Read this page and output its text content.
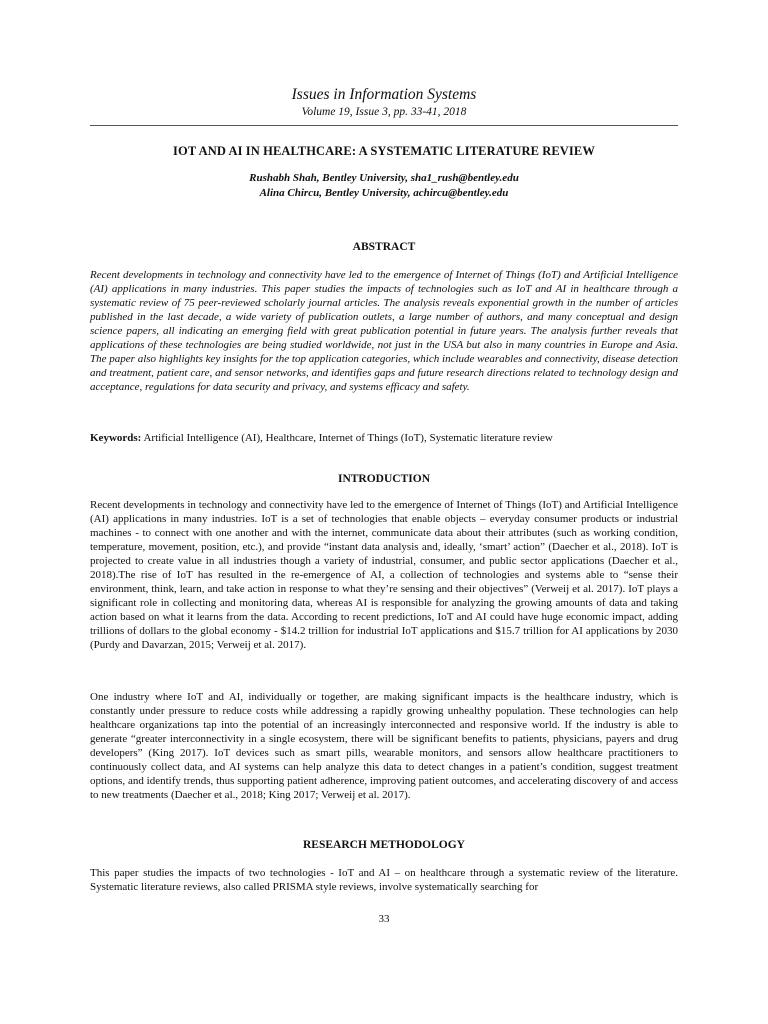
Issues in Information Systems
Volume 19, Issue 3, pp. 33-41, 2018
IOT AND AI IN HEALTHCARE: A SYSTEMATIC LITERATURE REVIEW
Rushabh Shah, Bentley University, sha1_rush@bentley.edu
Alina Chircu, Bentley University, achircu@bentley.edu
ABSTRACT
Recent developments in technology and connectivity have led to the emergence of Internet of Things (IoT) and Artificial Intelligence (AI) applications in many industries. This paper studies the impacts of technologies such as IoT and AI in healthcare through a systematic review of 75 peer-reviewed scholarly journal articles. The analysis reveals exponential growth in the number of articles published in the last decade, a wide variety of publication outlets, a large number of authors, and many conceptual and design science papers, all indicating an emerging field with great publication potential in future years. The analysis further reveals that applications of these technologies are being studied worldwide, not just in the USA but also in many countries in Europe and Asia. The paper also highlights key insights for the top application categories, which include wearables and connectivity, disease detection and treatment, patient care, and sensor networks, and identifies gaps and future research directions related to technology design and acceptance, regulations for data security and privacy, and systems efficacy and safety.
Keywords: Artificial Intelligence (AI), Healthcare, Internet of Things (IoT), Systematic literature review
INTRODUCTION
Recent developments in technology and connectivity have led to the emergence of Internet of Things (IoT) and Artificial Intelligence (AI) applications in many industries. IoT is a set of technologies that enable objects – everyday consumer products or industrial machines - to connect with one another and with the internet, communicate data about their attributes (such as working condition, temperature, movement, position, etc.), and provide “instant data analysis and, ideally, ‘smart’ action” (Daecher et al., 2018). IoT is projected to create value in all industries though a variety of industrial, consumer, and public sector applications (Daecher et al., 2018).The rise of IoT has resulted in the re-emergence of AI, a collection of technologies and systems able to “sense their environment, think, learn, and take action in response to what they’re sensing and their objectives” (Verweij et al. 2017). IoT plays a significant role in collecting and monitoring data, whereas AI is responsible for analyzing the growing amounts of data and taking action based on what it learns from the data. According to recent predictions, IoT and AI could have huge economic impact, adding trillions of dollars to the global economy - $14.2 trillion for industrial IoT applications and $15.7 trillion for AI applications by 2030 (Purdy and Davarzan, 2015; Verweij et al. 2017).
One industry where IoT and AI, individually or together, are making significant impacts is the healthcare industry, which is constantly under pressure to reduce costs while addressing a rapidly growing unhealthy population. These technologies can help healthcare organizations tap into the potential of an increasingly interconnected and responsive world. If the industry is able to generate “greater interconnectivity in a single ecosystem, there will be significant benefits to patients, physicians, payers and drug developers” (King 2017). IoT devices such as smart pills, wearable monitors, and sensors allow healthcare practitioners to continuously collect data, and AI systems can help analyze this data to detect changes in a patient’s condition, suggest treatment options, and identify trends, thus supporting patient adherence, improving patient outcomes, and accelerating discovery of and access to new treatments (Daecher et al., 2018; King 2017; Verweij et al. 2017).
RESEARCH METHODOLOGY
This paper studies the impacts of two technologies - IoT and AI – on healthcare through a systematic review of the literature. Systematic literature reviews, also called PRISMA style reviews, involve systematically searching for
33
